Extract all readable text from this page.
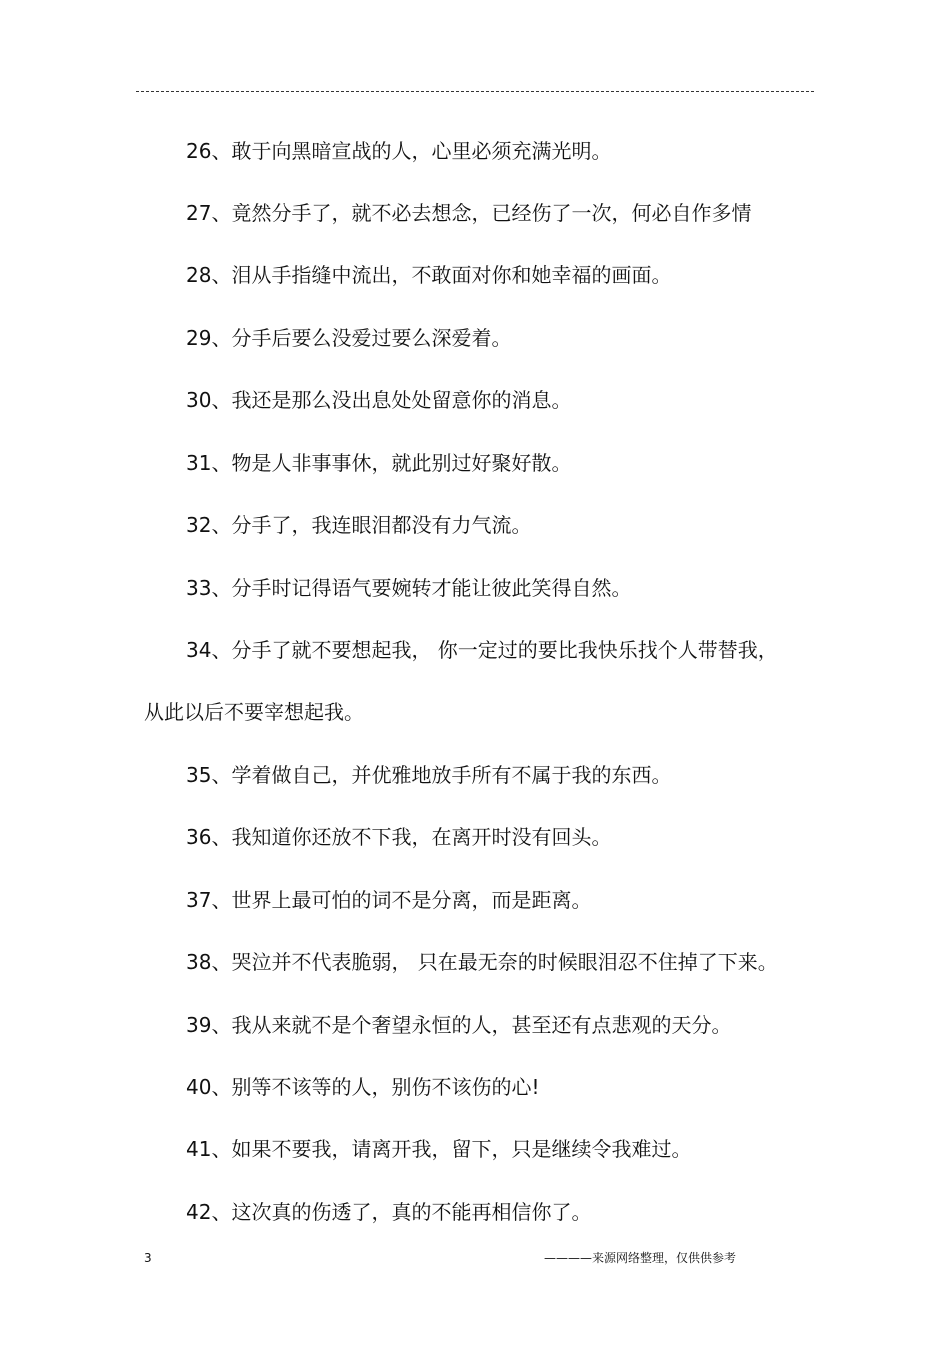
26、敢于向黑暗宣战的人，心里必须充满光明。
27、竟然分手了，就不必去想念，已经伤了一次，何必自作多情
28、泪从手指缝中流出，不敢面对你和她幸福的画面。
29、分手后要么没爱过要么深爱着。
30、我还是那么没出息处处留意你的消息。
31、物是人非事事休，就此别过好聚好散。
32、分手了，我连眼泪都没有力气流。
33、分手时记得语气要婉转才能让彼此笑得自然。
34、分手了就不要想起我， 你一定过的要比我快乐找个人带替我，
从此以后不要宰想起我。
35、学着做自己，并优雅地放手所有不属于我的东西。
36、我知道你还放不下我，在离开时没有回头。
37、世界上最可怕的词不是分离，而是距离。
38、哭泣并不代表脆弱， 只在最无奈的时候眼泪忍不住掉了下来。
39、我从来就不是个奢望永恒的人，甚至还有点悲观的天分。
40、别等不该等的人，别伤不该伤的心!
41、如果不要我，请离开我，留下，只是继续令我难过。
42、这次真的伤透了，真的不能再相信你了。
3	————来源网络整理，仅供供参考
